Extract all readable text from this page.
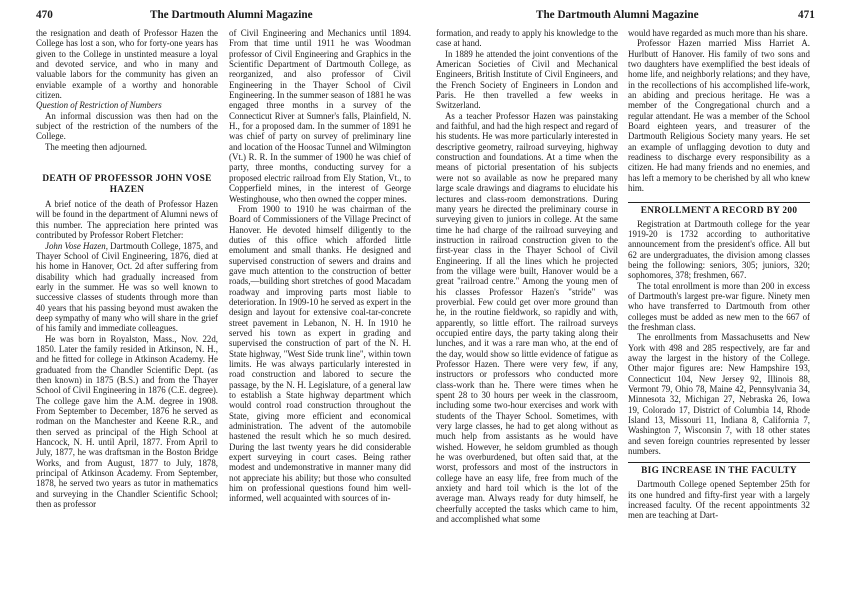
470	The Dartmouth Alumni Magazine

the resignation and death of Professor Hazen the College has lost a son, who for forty-one years has given to the College in unstinted measure a loyal and devoted service, and who in many and valuable labors for the community has given an enviable example of a worthy and honorable citizen.

Question of Restriction of Numbers

An informal discussion was then had on the subject of the restriction of the numbers of the College.

The meeting then adjourned.

DEATH OF PROFESSOR JOHN VOSE HAZEN

A brief notice of the death of Professor Hazen will be found in the department of Alumni news of this number. The appreciation here printed was contributed by Professor Robert Fletcher:

John Vose Hazen, Dartmouth College, 1875, and Thayer School of Civil Engineering, 1876, died at his home in Hanover, Oct. 2d after suffering from disability which had gradually increased from early in the summer. He was so well known to successive classes of students through more than 40 years that his passing beyond must awaken the deep sympathy of many who will share in the grief of his family and immediate colleagues.

He was born in Royalston, Mass., Nov. 22d, 1850. Later the family resided in Atkinson, N. H., and he fitted for college in Atkinson Academy. He graduated from the Chandler Scientific Dept. (as then known) in 1875 (B.S.) and from the Thayer School of Civil Engineering in 1876 (C.E. degree). The college gave him the A.M. degree in 1908. From September to December, 1876 he served as rodman on the Manchester and Keene R.R., and then served as principal of the High School at Hancock, N. H. until April, 1877. From April to July, 1877, he was draftsman in the Boston Bridge Works, and from August, 1877 to July, 1878, principal of Atkinson Academy. From September, 1878, he served two years as tutor in mathematics and surveying in the Chandler Scientific School; then as professor

of Civil Engineering and Mechanics until 1894. From that time until 1911 he was Woodman professor of Civil Engineering and Graphics in the Scientific Department of Dartmouth College, as reorganized, and also professor of Civil Engineering in the Thayer School of Civil Engineering. In the summer season of 1881 he was engaged three months in a survey of the Connecticut River at Sumner's falls, Plainfield, N. H., for a proposed dam. In the summer of 1891 he was chief of party on survey of preliminary line and location of the Hoosac Tunnel and Wilmington (Vt.) R. R. In the summer of 1900 he was chief of party, three months, conducting survey for a proposed electric railroad from Ely Station, Vt., to Copperfield mines, in the interest of George Westinghouse, who then owned the copper mines.

From 1900 to 1910 he was chairman of the Board of Commissioners of the Village Precinct of Hanover. He devoted himself diligently to the duties of this office which afforded little emolument and small thanks. He designed and supervised construction of sewers and drains and gave much attention to the construction of better roads,—building short stretches of good Macadam roadway and improving parts most liable to deterioration. In 1909-10 he served as expert in the design and layout for extensive coal-tar-concrete street pavement in Lebanon, N. H. In 1910 he served his town as expert in grading and supervised the construction of part of the N. H. State highway, "West Side trunk line", within town limits. He was always particularly interested in road construction and labored to secure the passage, by the N. H. Legislature, of a general law to establish a State highway department which would control road construction throughout the State, giving more efficient and economical administration. The advent of the automobile hastened the result which he so much desired. During the last twenty years he did considerable expert surveying in court cases. Being rather modest and undemonstrative in manner many did not appreciate his ability; but those who consulted him on professional questions found him well-informed, well acquainted with sources of in-

The Dartmouth Alumni Magazine	471

formation, and ready to apply his knowledge to the case at hand.

In 1889 he attended the joint conventions of the American Societies of Civil and Mechanical Engineers, British Institute of Civil Engineers, and the French Society of Engineers in London and Paris. He then travelled a few weeks in Switzerland.

As a teacher Professor Hazen was painstaking and faithful, and had the high respect and regard of his students. He was more particularly interested in descriptive geometry, railroad surveying, highway construction and foundations. At a time when the means of pictorial presentation of his subjects were not so available as now he prepared many large scale drawings and diagrams to elucidate his lectures and class-room demonstrations. During many years he directed the preliminary course in surveying given to juniors in college. At the same time he had charge of the railroad surveying and instruction in railroad construction given to the first-year class in the Thayer School of Civil Engineering. If all the lines which he projected from the village were built, Hanover would be a great "railroad centre." Among the young men of his classes Professor Hazen's "stride" was proverbial. Few could get over more ground than he, in the routine fieldwork, so rapidly and with, apparently, so little effort. The railroad surveys occupied entire days, the party taking along their lunches, and it was a rare man who, at the end of the day, would show so little evidence of fatigue as Professor Hazen. There were very few, if any, instructors or professors who conducted more class-work than he. There were times when he spent 28 to 30 hours per week in the classroom, including some two-hour exercises and work with students of the Thayer School. Sometimes, with very large classes, he had to get along without as much help from assistants as he would have wished. However, he seldom grumbled as though he was overburdened, but often said that, at the worst, professors and most of the instructors in college have an easy life, free from much of the anxiety and hard toil which is the lot of the average man. Always ready for duty himself, he cheerfully accepted the tasks which came to him, and accomplished what some

would have regarded as much more than his share.

Professor Hazen married Miss Harriet A. Hurlbutt of Hanover. His family of two sons and two daughters have exemplified the best ideals of home life, and neighborly relations; and they have, in the recollections of his accomplished life-work, an abiding and precious heritage. He was a member of the Congregational church and a regular attendant. He was a member of the School Board eighteen years, and treasurer of the Dartmouth Religious Society many years. He set an example of unflagging devotion to duty and readiness to discharge every responsibility as a citizen. He had many friends and no enemies, and has left a memory to be cherished by all who knew him.

ENROLLMENT A RECORD BY 200

Registration at Dartmouth college for the year 1919-20 is 1732 according to authoritative announcement from the president's office. All but 62 are undergraduates, the division among classes being the following: seniors, 305; juniors, 320; sophomores, 378; freshmen, 667.

The total enrollment is more than 200 in excess of Dartmouth's largest pre-war figure. Ninety men who have transferred to Dartmouth from other colleges must be added as new men to the 667 of the freshman class.

The enrollments from Massachusetts and New York with 498 and 285 respectively, are far and away the largest in the history of the College. Other major figures are: New Hampshire 193, Connecticut 104, New Jersey 92, Illinois 88, Vermont 79, Ohio 78, Maine 42, Pennsylvania 34, Minnesota 32, Michigan 27, Nebraska 26, Iowa 19, Colorado 17, District of Columbia 14, Rhode Island 13, Missouri 11, Indiana 8, California 7, Washington 7, Wisconsin 7, with 18 other states and seven foreign countries represented by lesser numbers.

BIG INCREASE IN THE FACULTY

Dartmouth College opened September 25th for its one hundred and fifty-first year with a largely increased faculty. Of the recent appointments 32 men are teaching at Dart-
